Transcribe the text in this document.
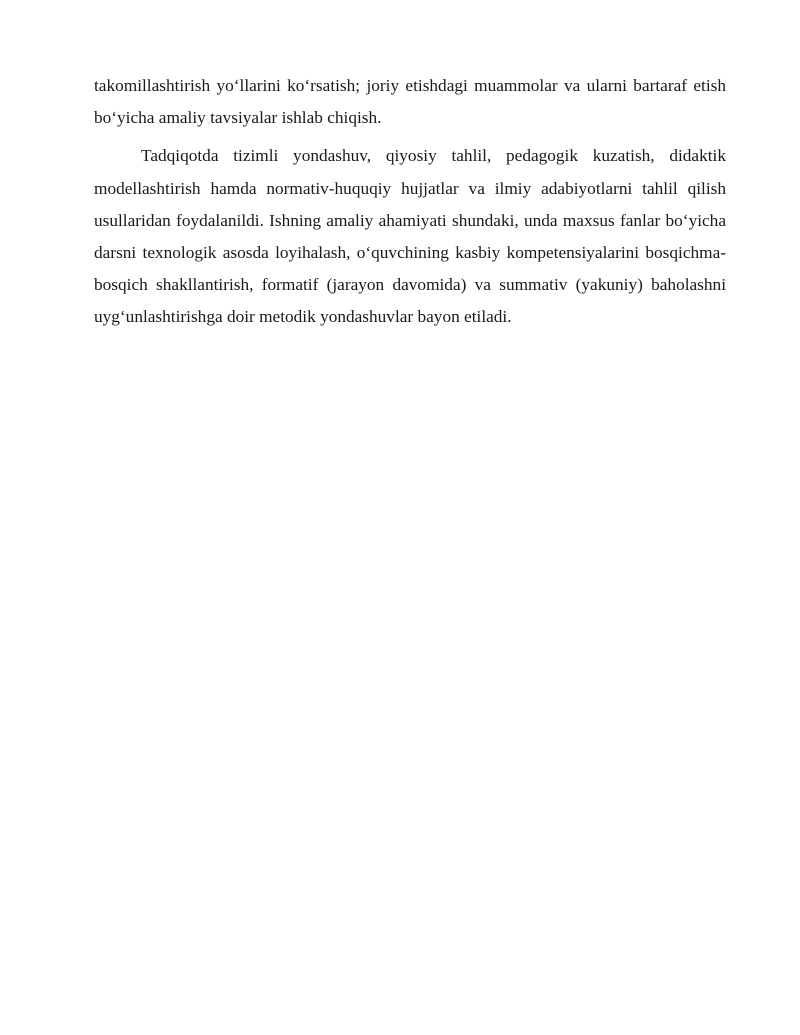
takomillashtirish yo‘llarini ko‘rsatish; joriy etishdagi muammolar va ularni bartaraf etish bo‘yicha amaliy tavsiyalar ishlab chiqish.

Tadqiqotda tizimli yondashuv, qiyosiy tahlil, pedagogik kuzatish, didaktik modellashtirish hamda normativ-huquqiy hujjatlar va ilmiy adabiyotlarni tahlil qilish usullaridan foydalanildi. Ishning amaliy ahamiyati shundaki, unda maxsus fanlar bo‘yicha darsni texnologik asosda loyihalash, o‘quvchining kasbiy kompetensiyalarini bosqichma-bosqich shakllantirish, formatif (jarayon davomida) va summativ (yakuniy) baholashni uyg‘unlashtirishga doir metodik yondashuvlar bayon etiladi.
